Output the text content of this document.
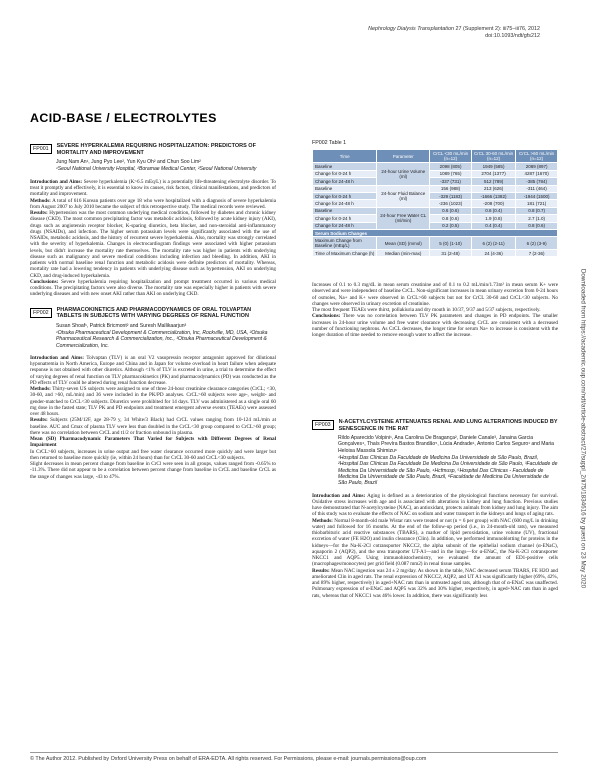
Nephrology Dialysis Transplantation 27 (Supplement 2): iii75–iii76, 2012
doi:10.1093/ndt/gfs212
Downloaded from https://academic.oup.com/ndt/article-abstract/27/suppl_2/ii75/1834616 by guest on 23 May 2020
ACID-BASE / ELECTROLYTES
FP001	SEVERE HYPERKALEMIA REQUIRING HOSPITALIZATION: PREDICTORS OF MORTALITY AND IMPROVEMENT
Jung Nam An¹, Jung Pyo Lee², Yun Kyu Oh² and Chun Soo Lim²
¹Seoul National University Hospital, ²Boramae Medical Center, ²Seoul National University

Introduction and Aims: Severe hyperkalemia (K>6.5 mEq/L) is a potentially life-threatening electrolyte disorder. To treat it promptly and effectively, it is essential to know its causes, risk factors, clinical manifestations, and predictors of mortality and improvement.

Methods: A total of 616 Korean patients over age 18 who were hospitalized with a diagnosis of severe hyperkalemia from August 2007 to July 2010 became the subject of this retrospective study. The medical records were reviewed.

Results: Hypertension was the most common underlying medical condition, followed by diabetes and chronic kidney disease (CKD). The most common precipitating factor was metabolic acidosis, followed by acute kidney injury (AKI), drugs such as angiotensin receptor blocker, K-sparing diuretics, beta blocker, and non-steroidal anti-inflammatory drugs (NSAIDs), and infection. The higher serum potassium levels were significantly associated with the use of NSAIDs, metabolic acidosis, and the history of recurrent severe hyperkalemia. Also, mortality was strongly correlated with the severity of hyperkalemia. Changes in electrocardiogram findings were associated with higher potassium levels, but didn't increase the mortality rate themselves. The mortality rate was higher in patients with underlying disease such as malignancy and severe medical conditions including infection and bleeding. In addition, AKI in patients with normal baseline renal function and metabolic acidosis were definite predictors of mortality. Whereas, mortality rate had a lowering tendency in patients with underlying disease such as hypertension, AKI on underlying CKD, and drug-induced hyperkalemia.

Conclusions: Severe hyperkalemia requiring hospitalization and prompt treatment occurred in various medical conditions. The precipitating factors were also diverse. The mortality rate was especially higher in patients with severe underlying diseases and with new onset AKI rather than AKI on underlying CKD.

FP002	PHARMACOKINETICS AND PHARMACODYNAMICS OF ORAL TOLVAPTAN TABLETS IN SUBJECTS WITH VARYING DEGREES OF RENAL FUNCTION
Susan Shoaf¹, Patrick Bricmont² and Suresh Mallikaarjun³
¹Otsuka Pharmaceutical Development & Commercialization, Inc, Rockville, MD, USA, ²Otsuka Pharmaceutical Research & Commercialization, Inc., ³Otsuka Pharmaceutical Development & Commercialization, Inc.

Introduction and Aims: Tolvaptan (TLV) is an oral V2 vasopressin receptor antagonist approved for dilutional hyponatremia in North America, Europe and China and in Japan for volume overload in heart failure when adequate response is not obtained with other diuretics. Although <1% of TLV is excreted in urine, a trial to determine the effect of varying degrees of renal function on TLV pharmacokinetics (PK) and pharmacodynamics (PD) was conducted as the PD effects of TLV could be altered during renal function decrease.

Methods: Thirty-seven US subjects were assigned to one of three 24-hour creatinine clearance categories (CrCL; <30, 30-60, and >60, mL/min) and 36 were included in the PK/PD analyses. CrCL>60 subjects were age-, weight- and gender-matched to CrCL<30 subjects. Diuretics were prohibited for 14 days. TLV was administered as a single oral 60 mg dose in the fasted state; TLV PK and PD endpoints and treatment emergent adverse events (TEAEs) were assessed over 48 hours.

Results: Subjects (25M/12F, age 28-79 y, 34 White/3 Black) had CrCL values ranging from 10-124 mL/min at baseline. AUC and Cmax of plasma TLV were less than doubled in the CrCL<30 group compared to CrCL>60 group; there was no correlation between CrCL and t1/2 or fraction unbound in plasma.

Mean (SD) Pharmacodynamic Parameters That Varied for Subjects with Different Degrees of Renal Impairment
In CrCL>60 subjects, increases in urine output and free water clearance occurred more quickly and were larger but then returned to baseline more quickly (ie, within 24 hours) than for CrCL 30-60 and CrCL<30 subjects.

Slight decreases in mean percent change from baseline in CrCl were seen in all groups, values ranged from -0.65% to -11.3%. There did not appear to be a correlation between percent change from baseline in CrCL and baseline CrCL as the range of changes was large, -43 to 47%.

FP002 Table 1
Time	Parameter	CrCL <30 mL/min (n=12)	CrCL 30-60 mL/min (n=12)	CrCL >60 mL/min (n=12)
Baseline	24-hour Urine Volume (ml)	2098 (805)	1949 (585)	2089 (897)
Change for 0-24 h		1089 (765)	2704 (1377)	4287 (1670)
Change for 24-48 h		-337 (731)	512 (789)	-385 (784)
Baseline	24-hour Fluid Balance (ml)	156 (988)	213 (626)	-311 (464)
Change for 0-24 h		-329 (1183)	-1666 (1382)	-1944 (1500)
Change for 24-48 h		-236 (1023)	-208 (700)	181 (721)
Baseline	24-hour Free Water CL (ml/min)	0.6 (0.6)	0.6 (0.4)	0.8 (0.7)
Change for 0-24 h		0.8 (0.6)	1.9 (0.8)	2.7 (1.0)
Change for 24-48 h		0.2 (0.5)	0.4 (0.4)	0.8 (0.6)
Serum Sodium Changes				
Maximum Change from Baseline (mEq/L)	Mean (SD) (mmol)	5 (0) (1-10)	6 (2) (2-11)	6 (2) (3-9)
Time of Maximum Change (h)	Median (min-max)	31 (2-48)	24 (4-36)	7 (2-36)

Increases of 0.1 to 0.3 mg/dL in mean serum creatinine and of 0.1 to 0.2 mL/min/1.73m² in mean serum K+ were observed and were independent of baseline CrCL. Non-significant increases in mean urinary excretion from 0-24 hours of osmoles, Na+ and K+ were observed in CrCL>60 subjects but not for CrCL 30-60 and CrCL<30 subjects. No changes were observed in urinary excretion of creatinine.

The most frequent TEAEs were thirst, pollakiuria and dry mouth in 10/37, 9/37 and 5/37 subjects, respectively.

Conclusions: There was no correlation between TLV PK parameters and changes in PD endpoints. The smaller increases in 24-hour urine volume and free water clearance with decreasing CrCL are consistent with a decreased number of functioning nephrons. As CrCL decreases, the longer time for serum Na+ to increase is consistent with the longer duration of time needed to remove enough water to affect the increase.

FP003	N-ACETYLCYSTEINE ATTENUATES RENAL AND LUNG ALTERATIONS INDUCED BY SENESCENCE IN THE RAT
Rildo Aparecido Volpini¹, Ana Carolina De Bragança², Daniele Canale³, Janaina Garcia Gonçalves⁴, Thaís Prevíra Bastos Brandão⁵, Lúcia Andrade¹, Antonio Carlos Seguro¹ and Maria Heloisa Massola Shimizu⁶
¹Hospital Das Clínicas Da Faculdade de Medicina Da Universidade de São Paulo, Brazil, ²Hospital Das Clínicas Da Faculdade De Medicina Da Universidade de São Paulo, ³Faculdade de Medicina Da Universidade de São Paulo, ⁴Hcfmusp, ⁵Hospital Das Clínicas - Faculdade de Medicina Da Universidade de São Paulo, Brazil, ⁶Faculdade de Medicina Da Universidade de São Paulo, Brazil

Introduction and Aims: Aging is defined as a deterioration of the physiological functions necessary for survival. Oxidative stress increases with age and is associated with alterations in kidney and lung function. Previous studies have demonstrated that N-acetylcysteine (NAC), an antioxidant, protects animals from kidney and lung injury. The aim of this study was to evaluate the effects of NAC on sodium and water transport in the kidneys and lungs of aging rats.

Methods: Normal 8-month-old male Wistar rats were treated or not (n = 6 per group) with NAC (600 mg/L in drinking water) and followed for 16 months. At the end of the follow-up period (i.e., in 24-month-old rats), we measured thiobarbituric acid reactive substances (TBARS), a marker of lipid peroxidation, urine volume (UV), fractional excretion of water (FE H2O) and inulin clearance (Clin). In addition, we performed immunoblotting for proteins in the kidneys—for the Na-K-2Cl cotransporter NKCC2, the alpha subunit of the epithelial sodium channel (α-ENaC), aquaporin 2 (AQP2), and the urea transporter UT-A1—and in the lungs—for α-ENaC, the Na-K-2Cl cotransporter NKCC1 and AQP5. Using immunohistochemistry, we evaluated the amount of ED1-positive cells (macrophages/monocytes) per grid field (0.087 mm2) in renal tissue samples.

Results: Mean NAC ingestion was 24 ± 2 mg/day. As shown in the table, NAC decreased serum TBARS, FE H2O and ameliorated Clin in aged rats. The renal expression of NKCC2, AQP2, and UT A1 was significantly higher (69%, 42%, and 89% higher, respectively) in aged+NAC rats than in untreated aged rats, although that of α-ENaC was unaffected. Pulmonary expression of α-ENaC and AQP5 was 32% and 30% higher, respectively, in aged+NAC rats than in aged rats, whereas that of NKCC1 was 46% lower. In addition, there was significantly less

© The Author 2012. Published by Oxford University Press on behalf of ERA-EDTA. All rights reserved. For Permissions, please e-mail: journals.permissions@oup.com
